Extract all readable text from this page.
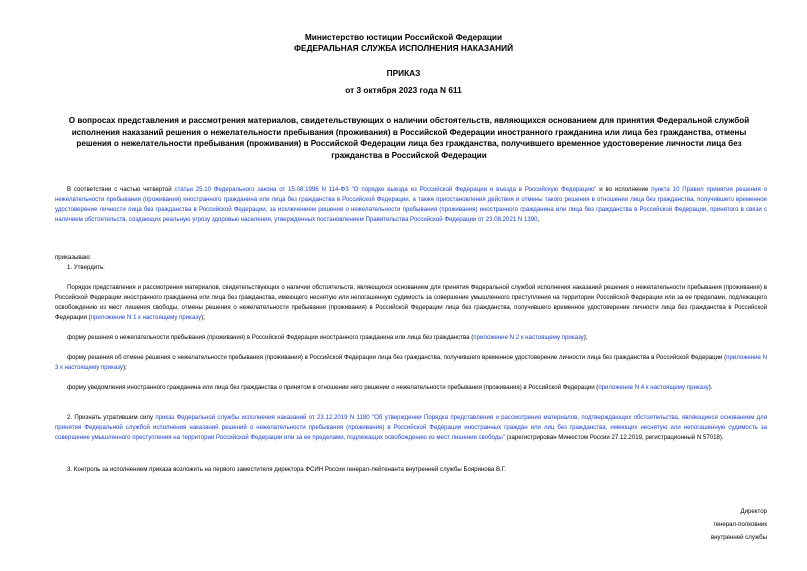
Министерство юстиции Российской Федерации
ФЕДЕРАЛЬНАЯ СЛУЖБА ИСПОЛНЕНИЯ НАКАЗАНИЙ
ПРИКАЗ
от 3 октября 2023 года N 611
О вопросах представления и рассмотрения материалов, свидетельствующих о наличии обстоятельств, являющихся основанием для принятия Федеральной службой исполнения наказаний решения о нежелательности пребывания (проживания) в Российской Федерации иностранного гражданина или лица без гражданства, отмены решения о нежелательности пребывания (проживания) в Российской Федерации лица без гражданства, получившего временное удостоверение личности лица без гражданства в Российской Федерации
В соответствии с частью четвертой статьи 25.10 Федерального закона от 15.08.1996 N 114-ФЗ "О порядке выезда из Российской Федерации и въезда в Российскую Федерацию" и во исполнение пункта 10 Правил принятия решения о нежелательности пребывания (проживания) иностранного гражданина или лица без гражданства в Российской Федерации, а также приостановления действия и отмены такого решения в отношении лица без гражданства, получившего временное удостоверение личности лица без гражданства в Российской Федерации, за исключением решения о нежелательности пребывания (проживания) иностранного гражданина или лица без гражданства в Российской Федерации, принятого в связи с наличием обстоятельств, создающих реальную угрозу здоровью населения, утвержденных постановлением Правительства Российской Федерации от 23.08.2021 N 1390,
приказываю:
1. Утвердить:
Порядок представления и рассмотрения материалов, свидетельствующих о наличии обстоятельств, являющихся основанием для принятия Федеральной службой исполнения наказаний решения о нежелательности пребывания (проживания) в Российской Федерации иностранного гражданина или лица без гражданства, имеющего неснятую или непогашенную судимость за совершение умышленного преступления на территории Российской Федерации или за ее пределами, подлежащего освобождению из мест лишения свободы, отмены решения о нежелательности пребывания (проживания) в Российской Федерации лица без гражданства, получившего временное удостоверение личности лица без гражданства в Российской Федерации (приложение N 1 к настоящему приказу);
форму решения о нежелательности пребывания (проживания) в Российской Федерации иностранного гражданина или лица без гражданства (приложение N 2 к настоящему приказу);
форму решения об отмене решения о нежелательности пребывания (проживания) в Российской Федерации лица без гражданства, получившего временное удостоверение личности лица без гражданства в Российской Федерации (приложение N 3 к настоящему приказу);
форму уведомления иностранного гражданина или лица без гражданства о принятом в отношении него решении о нежелательности пребывания (проживания) в Российской Федерации (приложение N 4 к настоящему приказу).
2. Признать утратившим силу приказ Федеральной службы исполнения наказаний от 23.12.2019 N 1180 "Об утверждении Порядка представления и рассмотрения материалов, подтверждающих обстоятельства, являющиеся основанием для принятия Федеральной службой исполнения наказаний решений о нежелательности пребывания (проживания) в Российской Федерации иностранных граждан или лиц без гражданства, имеющих неснятую или непогашенную судимость за совершение умышленного преступления на территории Российской Федерации или за ее пределами, подлежащих освобождению из мест лишения свободы" (зарегистрирован Минюстом России 27.12.2019, регистрационный N 57018).
3. Контроль за исполнением приказа возложить на первого заместителя директора ФСИН России генерал-лейтенанта внутренней службы Бояринова В.Г.
Директор
генерал-полковник
внутренней службы
